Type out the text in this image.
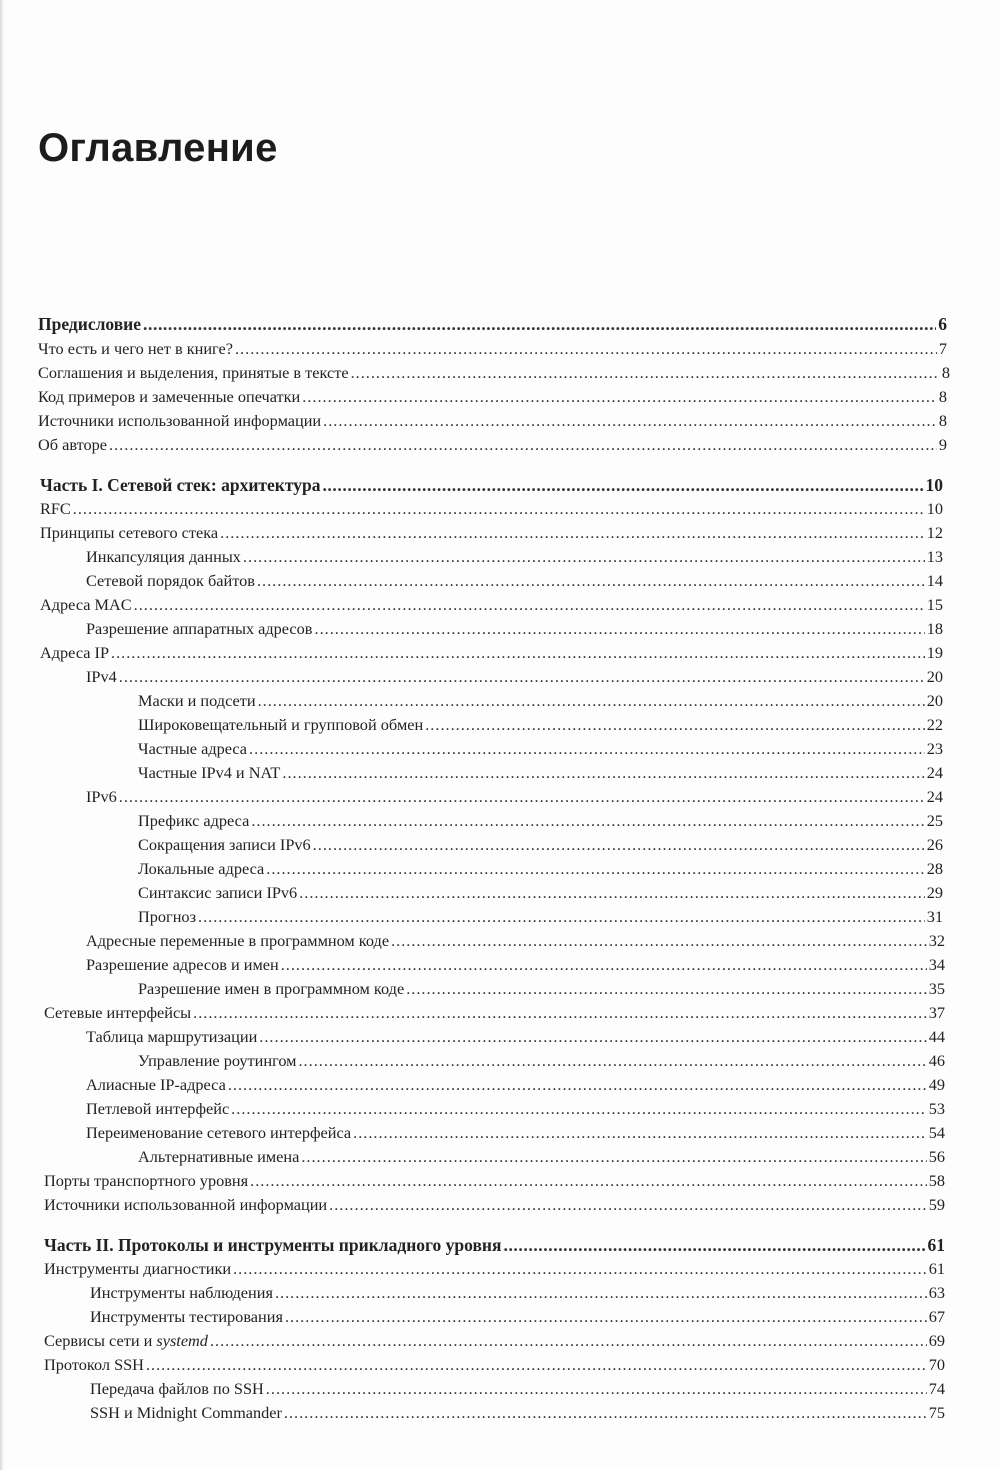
Оглавление
Предисловие .....	6
Что есть и чего нет в книге? .....	7
Соглашения и выделения, принятые в тексте .....	8
Код примеров и замеченные опечатки .....	8
Источники использованной информации .....	8
Об авторе .....	9
Часть I. Сетевой стек: архитектура .....	10
RFC .....	10
Принципы сетевого стека .....	12
Инкапсуляция данных .....	13
Сетевой порядок байтов .....	14
Адреса MAC .....	15
Разрешение аппаратных адресов .....	18
Адреса IP .....	19
IPv4 .....	20
Маски и подсети .....	20
Широковещательный и групповой обмен .....	22
Частные адреса .....	23
Частные IPv4 и NAT .....	24
IPv6 .....	24
Префикс адреса .....	25
Сокращения записи IPv6 .....	26
Локальные адреса .....	28
Синтаксис записи IPv6 .....	29
Прогноз .....	31
Адресные переменные в программном коде .....	32
Разрешение адресов и имен .....	34
Разрешение имен в программном коде .....	35
Сетевые интерфейсы .....	37
Таблица маршрутизации .....	44
Управление роутингом .....	46
Алиасные IP-адреса .....	49
Петлевой интерфейс .....	53
Переименование сетевого интерфейса .....	54
Альтернативные имена .....	56
Порты транспортного уровня .....	58
Источники использованной информации .....	59
Часть II. Протоколы и инструменты прикладного уровня .....	61
Инструменты диагностики .....	61
Инструменты наблюдения .....	63
Инструменты тестирования .....	67
Сервисы сети и systemd .....	69
Протокол SSH .....	70
Передача файлов по SSH .....	74
SSH и Midnight Commander .....	75
